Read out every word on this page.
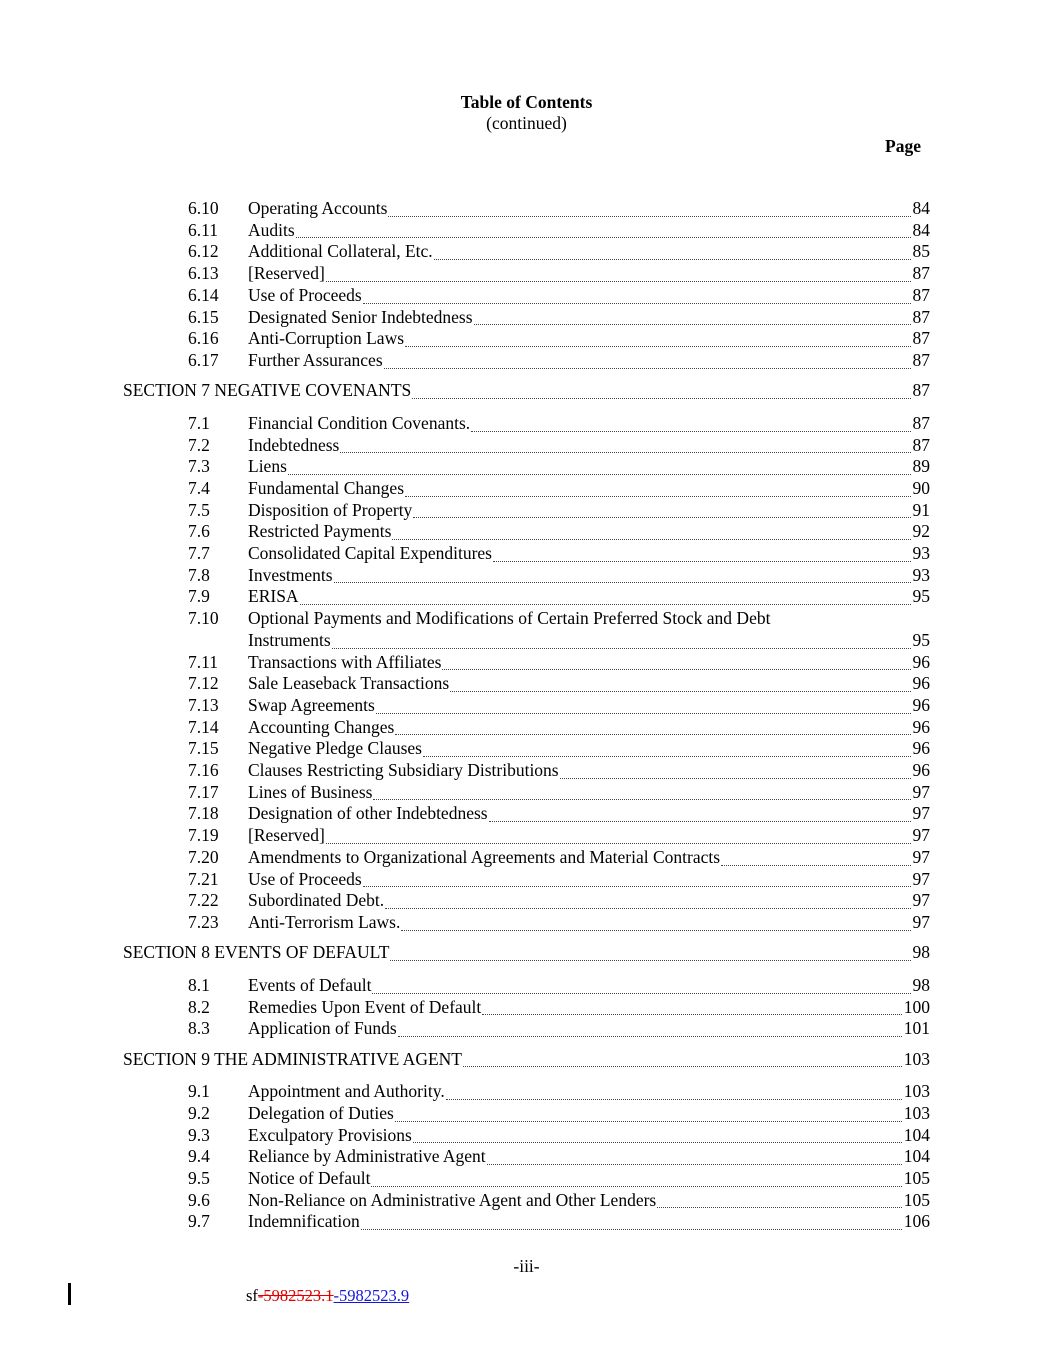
Table of Contents
(continued)
Page
6.10	Operating Accounts	84
6.11	Audits	84
6.12	Additional Collateral, Etc.	85
6.13	[Reserved]	87
6.14	Use of Proceeds	87
6.15	Designated Senior Indebtedness	87
6.16	Anti-Corruption Laws	87
6.17	Further Assurances	87
SECTION 7 NEGATIVE COVENANTS	87
7.1	Financial Condition Covenants.	87
7.2	Indebtedness	87
7.3	Liens	89
7.4	Fundamental Changes	90
7.5	Disposition of Property	91
7.6	Restricted Payments	92
7.7	Consolidated Capital Expenditures	93
7.8	Investments	93
7.9	ERISA	95
7.10	Optional Payments and Modifications of Certain Preferred Stock and Debt
Instruments	95
7.11	Transactions with Affiliates	96
7.12	Sale Leaseback Transactions	96
7.13	Swap Agreements	96
7.14	Accounting Changes	96
7.15	Negative Pledge Clauses	96
7.16	Clauses Restricting Subsidiary Distributions	96
7.17	Lines of Business	97
7.18	Designation of other Indebtedness	97
7.19	[Reserved]	97
7.20	Amendments to Organizational Agreements and Material Contracts	97
7.21	Use of Proceeds	97
7.22	Subordinated Debt.	97
7.23	Anti-Terrorism Laws.	97
SECTION 8 EVENTS OF DEFAULT	98
8.1	Events of Default	98
8.2	Remedies Upon Event of Default	100
8.3	Application of Funds	101
SECTION 9 THE ADMINISTRATIVE AGENT	103
9.1	Appointment and Authority.	103
9.2	Delegation of Duties	103
9.3	Exculpatory Provisions	104
9.4	Reliance by Administrative Agent	104
9.5	Notice of Default	105
9.6	Non-Reliance on Administrative Agent and Other Lenders	105
9.7	Indemnification	106
-iii-
sf-5982523.1-5982523.9
